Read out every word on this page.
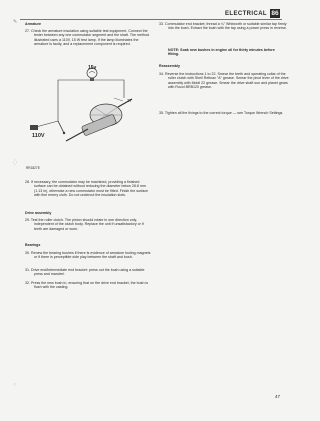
ELECTRICAL 86
✎
⁛
⁖
Armature
27. Check the armature insulation using suitable test equipment. Connect the tester between any one commutator segment and the shaft. The method illustrated uses a 110V, 15 W test lamp. If the lamp illuminates the armature is faulty, and a replacement component is required.
15v
27
110V
RR1827E
28. If necessary, the commutator may be machined, providing a finished surface can be obtained without reducing the diameter below 28.8 mm (1.13 in), otherwise a new commutator must be fitted. Finish the surface with fine emery cloth. Do not undercut the insulation slots.
Drive assembly
29. Test the roller clutch. The pinion should rotate in one direction only, independent of the clutch body. Replace the unit if unsatisfactory or if teeth are damaged or worn.
Bearings
30. Renew the bearing bushes if there is evidence of armature fouling magnets or if there is perceptible side play between the shaft and bush.
31. Drive end/intermediate end bracket: press out the bush using a suitable press and mandrel.
32. Press the new bush in, ensuring that on the drive end bracket, the bush is flush with the casting.
33. Commutator end bracket; thread a ¼" Whitworth or suitable similar tap firmly into the bush. Extract the bush with the tap using a power press in reverse.
NOTE: Soak new bushes in engine oil for thirty minutes before fitting.
Reassembly
34. Reverse the instructions 1 to 22. Smear the teeth and operating collar of the roller clutch with Shell Retinax "A" grease. Smear the pivot lever of the drive assembly with Mobil 22 grease. Smear the drive shaft sun and planet gears with Rocol BRB120 grease.
35. Tighten all the fixings to the correct torque — see Torque Wrench Settings.
47
